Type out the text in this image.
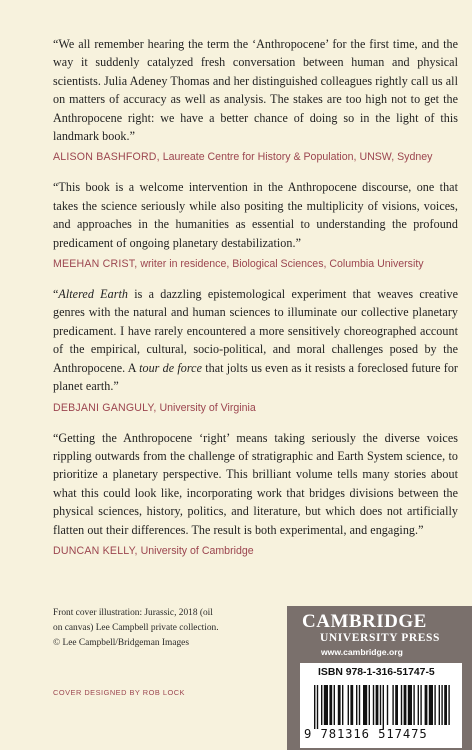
“We all remember hearing the term the ‘Anthropocene’ for the first time, and the way it suddenly catalyzed fresh conversation between human and physical scientists. Julia Adeney Thomas and her distinguished colleagues rightly call us all on matters of accuracy as well as analysis. The stakes are too high not to get the Anthropocene right: we have a better chance of doing so in the light of this landmark book.”

ALISON BASHFORD, Laureate Centre for History & Population, UNSW, Sydney

“This book is a welcome intervention in the Anthropocene discourse, one that takes the science seriously while also positing the multiplicity of visions, voices, and approaches in the humanities as essential to understanding the profound predicament of ongoing planetary destabilization.”

MEEHAN CRIST, writer in residence, Biological Sciences, Columbia University

“Altered Earth is a dazzling epistemological experiment that weaves creative genres with the natural and human sciences to illuminate our collective planetary predicament. I have rarely encountered a more sensitively choreographed account of the empirical, cultural, socio-political, and moral challenges posed by the Anthropocene. A tour de force that jolts us even as it resists a foreclosed future for planet earth.”

DEBJANI GANGULY, University of Virginia

“Getting the Anthropocene ‘right’ means taking seriously the diverse voices rippling outwards from the challenge of stratigraphic and Earth System science, to prioritize a planetary perspective. This brilliant volume tells many stories about what this could look like, incorporating work that bridges divisions between the physical sciences, history, politics, and literature, but which does not artificially flatten out their differences. The result is both experimental, and engaging.”

DUNCAN KELLY, University of Cambridge
Front cover illustration: Jurassic, 2018 (oil
on canvas) Lee Campbell private collection.
© Lee Campbell/Bridgeman Images
COVER DESIGNED BY ROB LOCK
CAMBRIDGE
UNIVERSITY PRESS
www.cambridge.org
ISBN 978-1-316-51747-5
9 781316 517475
